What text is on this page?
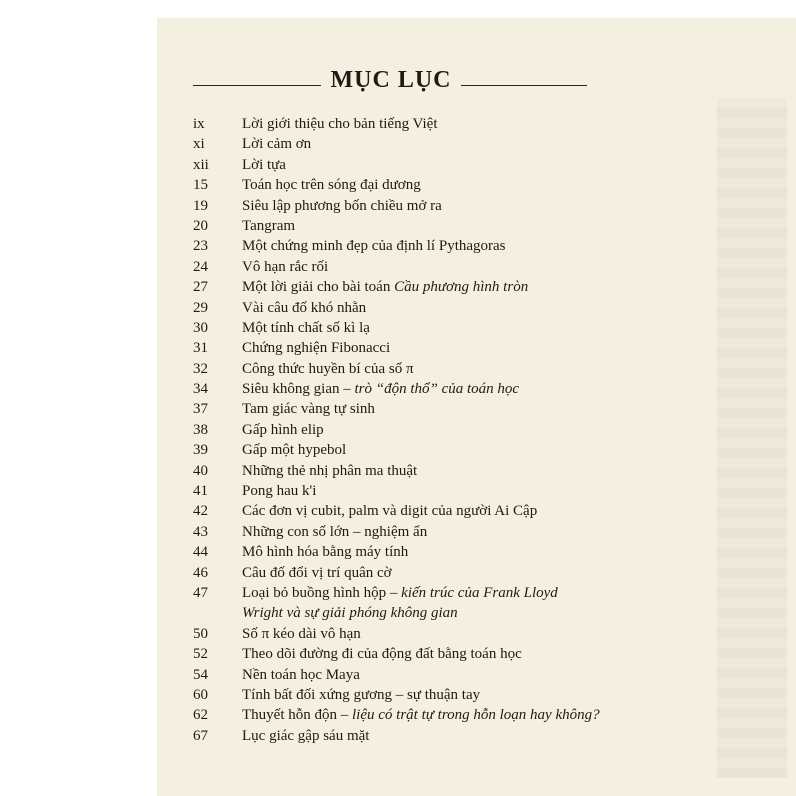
MỤC LỤC
ix	Lời giới thiệu cho bản tiếng Việt
xi	Lời cảm ơn
xii	Lời tựa
15	Toán học trên sóng đại dương
19	Siêu lập phương bốn chiều mở ra
20	Tangram
23	Một chứng minh đẹp của định lí Pythagoras
24	Vô hạn rắc rối
27	Một lời giải cho bài toán Cầu phương hình tròn
29	Vài câu đố khó nhằn
30	Một tính chất số kì lạ
31	Chứng nghiện Fibonacci
32	Công thức huyền bí của số π
34	Siêu không gian – trò “độn thổ” của toán học
37	Tam giác vàng tự sinh
38	Gấp hình elip
39	Gấp một hypebol
40	Những thẻ nhị phân ma thuật
41	Pong hau k'i
42	Các đơn vị cubit, palm và digit của người Ai Cập
43	Những con số lớn – nghiệm ẩn
44	Mô hình hóa bằng máy tính
46	Câu đố đổi vị trí quân cờ
47	Loại bỏ buồng hình hộp – kiến trúc của Frank Lloyd
Wright và sự giải phóng không gian
50	Số π kéo dài vô hạn
52	Theo dõi đường đi của động đất bằng toán học
54	Nền toán học Maya
60	Tính bất đối xứng gương – sự thuận tay
62	Thuyết hỗn độn – liệu có trật tự trong hỗn loạn hay không?
67	Lục giác gập sáu mặt
